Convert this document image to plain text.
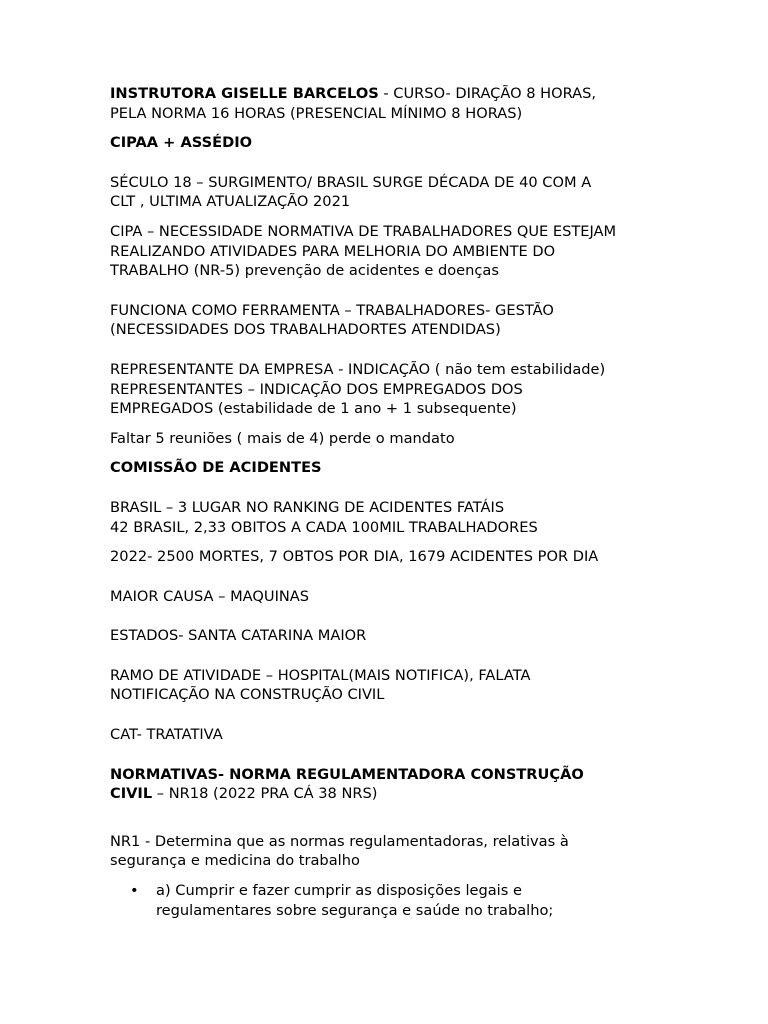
INSTRUTORA GISELLE BARCELOS - CURSO- DIRAÇÃO 8 HORAS,
PELA NORMA 16 HORAS (PRESENCIAL MÍNIMO 8 HORAS)

CIPAA + ASSÉDIO

SÉCULO 18 – SURGIMENTO/ BRASIL SURGE DÉCADA DE 40 COM A
CLT , ULTIMA ATUALIZAÇÃO 2021

CIPA – NECESSIDADE NORMATIVA DE TRABALHADORES QUE ESTEJAM
REALIZANDO ATIVIDADES PARA MELHORIA DO AMBIENTE DO
TRABALHO (NR-5) prevenção de acidentes e doenças

FUNCIONA COMO FERRAMENTA – TRABALHADORES- GESTÃO
(NECESSIDADES DOS TRABALHADORTES ATENDIDAS)

REPRESENTANTE DA EMPRESA - INDICAÇÃO ( não tem estabilidade)
REPRESENTANTES – INDICAÇÃO DOS EMPREGADOS DOS
EMPREGADOS (estabilidade de 1 ano + 1 subsequente)

Faltar 5 reuniões ( mais de 4) perde o mandato

COMISSÃO DE ACIDENTES

BRASIL – 3 LUGAR NO RANKING DE ACIDENTES FATÁIS
42 BRASIL, 2,33 OBITOS A CADA 100MIL TRABALHADORES

2022- 2500 MORTES, 7 OBTOS POR DIA, 1679 ACIDENTES POR DIA

MAIOR CAUSA – MAQUINAS

ESTADOS- SANTA CATARINA MAIOR

RAMO DE ATIVIDADE – HOSPITAL(MAIS NOTIFICA), FALATA
NOTIFICAÇÃO NA CONSTRUÇÃO CIVIL

CAT- TRATATIVA

NORMATIVAS- NORMA REGULAMENTADORA CONSTRUÇÃO
CIVIL – NR18 (2022 PRA CÁ 38 NRS)

NR1 - Determina que as normas regulamentadoras, relativas à
segurança e medicina do trabalho

• a) Cumprir e fazer cumprir as disposições legais e
regulamentares sobre segurança e saúde no trabalho;
